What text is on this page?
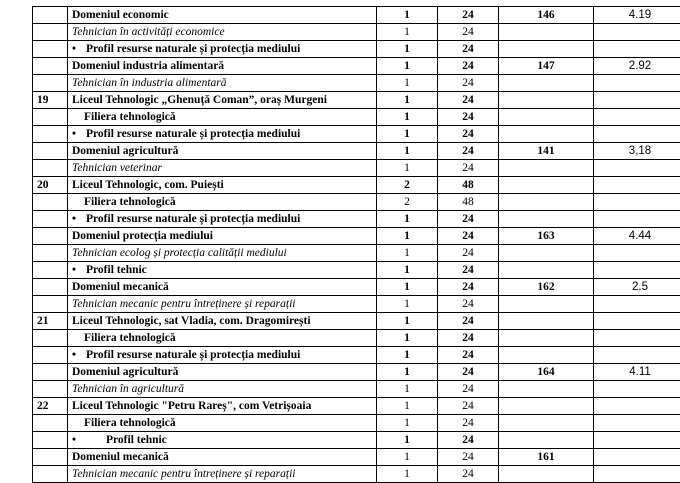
	Domeniul economic	1	24	146	4.19
	Tehnician în activități economice	1	24		
	• Profil resurse naturale și protecția mediului	1	24		
	Domeniul industria alimentară	1	24	147	2.92
	Tehnician în industria alimentară	1	24		
19	Liceul Tehnologic „Ghenuță Coman”, oraș Murgeni	1	24		
	Filiera tehnologică	1	24		
	• Profil resurse naturale și protecția mediului	1	24		
	Domeniul agricultură	1	24	141	3,18
	Tehnician veterinar	1	24		
20	Liceul Tehnologic, com. Puiești	2	48		
	Filiera tehnologică	2	48		
	• Profil resurse naturale și protecția mediului	1	24		
	Domeniul protecția mediului	1	24	163	4.44
	Tehnician ecolog și protecția calității mediului	1	24		
	• Profil tehnic	1	24		
	Domeniul mecanică	1	24	162	2.5
	Tehnician mecanic pentru întreținere și reparații	1	24		
21	Liceul Tehnologic, sat Vladia, com. Dragomirești	1	24		
	Filiera tehnologică	1	24		
	• Profil resurse naturale și protecția mediului	1	24		
	Domeniul agricultură	1	24	164	4.11
	Tehnician în agricultură	1	24		
22	Liceul Tehnologic "Petru Rareș", com Vetrișoaia	1	24		
	Filiera tehnologică	1	24		
	• Profil tehnic	1	24		
	Domeniul mecanică	1	24	161	
	Tehnician mecanic pentru întreținere și reparații	1	24		
